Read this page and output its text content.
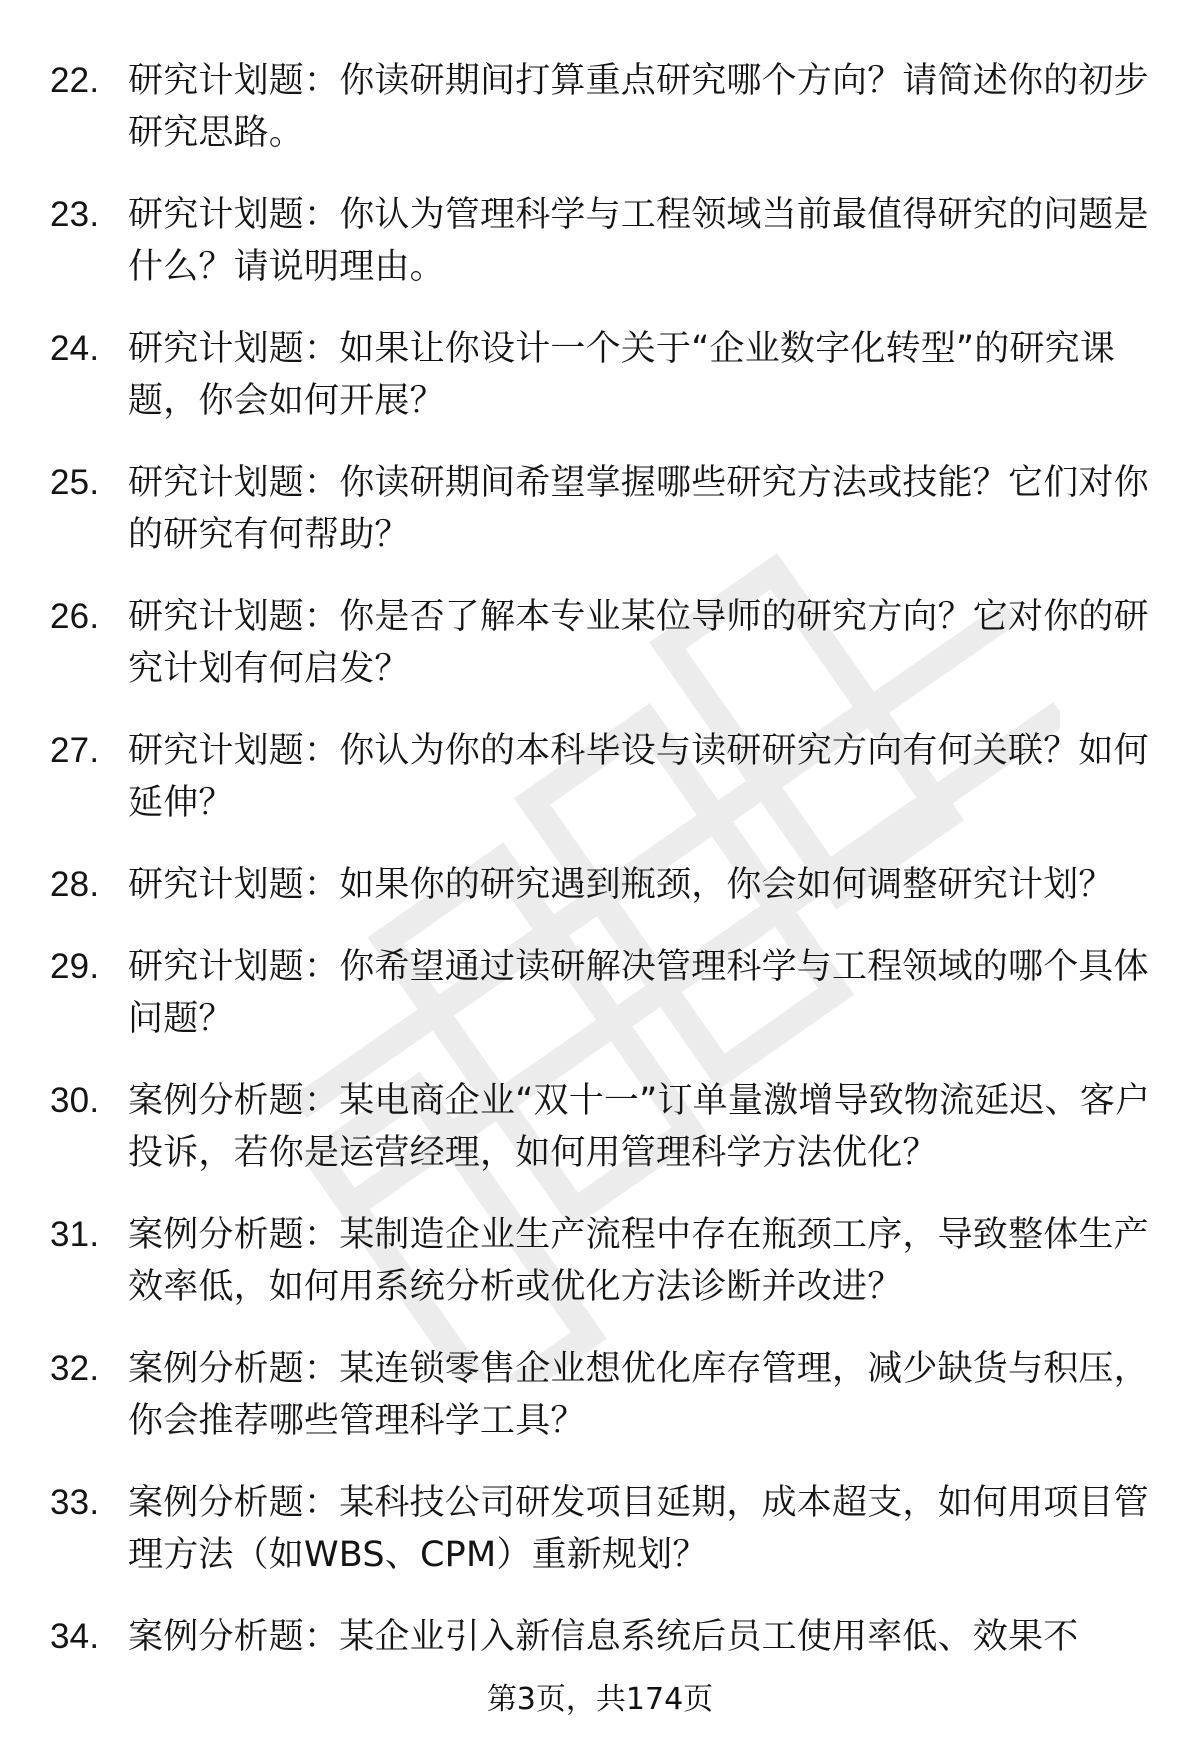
22. 研究计划题：你读研期间打算重点研究哪个方向？请简述你的初步研究思路。
23. 研究计划题：你认为管理科学与工程领域当前最值得研究的问题是什么？请说明理由。
24. 研究计划题：如果让你设计一个关于“企业数字化转型”的研究课题，你会如何开展？
25. 研究计划题：你读研期间希望掌握哪些研究方法或技能？它们对你的研究有何帮助？
26. 研究计划题：你是否了解本专业某位导师的研究方向？它对你的研究计划有何启发？
27. 研究计划题：你认为你的本科毕设与读研研究方向有何关联？如何延伸？
28. 研究计划题：如果你的研究遇到瓶颈，你会如何调整研究计划？
29. 研究计划题：你希望通过读研解决管理科学与工程领域的哪个具体问题？
30. 案例分析题：某电商企业“双十一”订单量激增导致物流延迟、客户投诉，若你是运营经理，如何用管理科学方法优化？
31. 案例分析题：某制造企业生产流程中存在瓶颈工序，导致整体生产效率低，如何用系统分析或优化方法诊断并改进？
32. 案例分析题：某连锁零售企业想优化库存管理，减少缺货与积压，你会推荐哪些管理科学工具？
33. 案例分析题：某科技公司研发项目延期，成本超支，如何用项目管理方法（如WBS、CPM）重新规划？
34. 案例分析题：某企业引入新信息系统后员工使用率低、效果不
第3页，共174页
